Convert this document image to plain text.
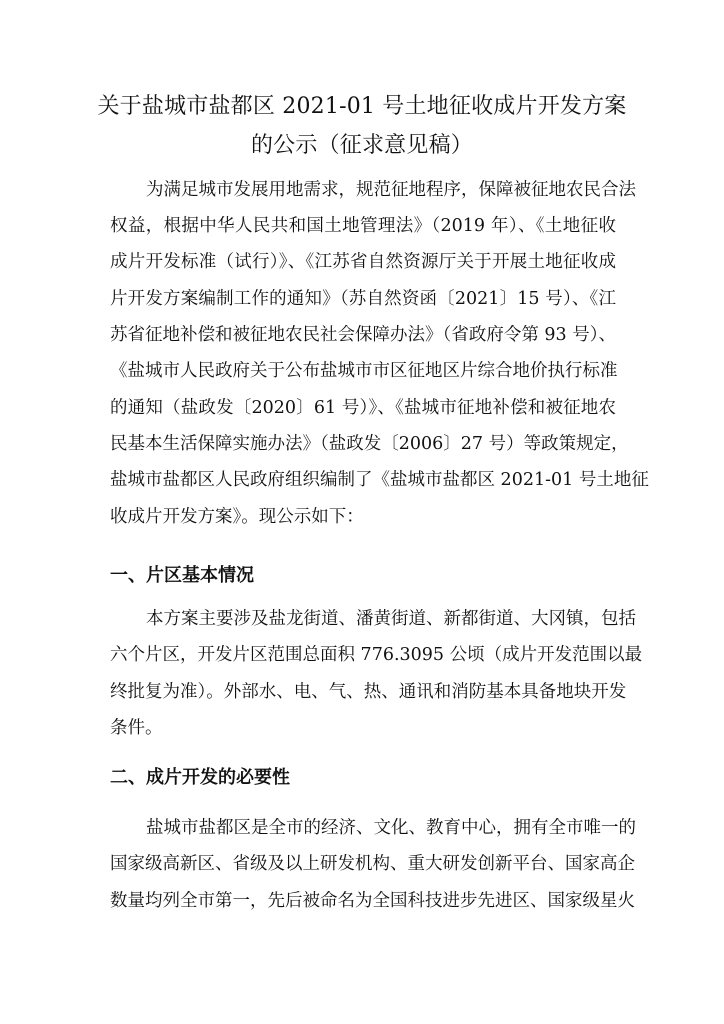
关于盐城市盐都区 2021-01 号土地征收成片开发方案
的公示（征求意见稿）
为满足城市发展用地需求，规范征地程序，保障被征地农民合法
权益，根据中华人民共和国土地管理法》（2019 年）、《土地征收
成片开发标准（试行）》、《江苏省自然资源厅关于开展土地征收成
片开发方案编制工作的通知》（苏自然资函〔2021〕15 号）、《江
苏省征地补偿和被征地农民社会保障办法》（省政府令第 93 号）、
《盐城市人民政府关于公布盐城市市区征地区片综合地价执行标准
的通知（盐政发〔2020〕61 号）》、《盐城市征地补偿和被征地农
民基本生活保障实施办法》（盐政发〔2006〕27 号）等政策规定，
盐城市盐都区人民政府组织编制了《盐城市盐都区 2021-01 号土地征
收成片开发方案》。现公示如下：
一、片区基本情况
本方案主要涉及盐龙街道、潘黄街道、新都街道、大冈镇，包括
六个片区，开发片区范围总面积 776.3095 公顷（成片开发范围以最
终批复为准）。外部水、电、气、热、通讯和消防基本具备地块开发
条件。
二、成片开发的必要性
盐城市盐都区是全市的经济、文化、教育中心，拥有全市唯一的
国家级高新区、省级及以上研发机构、重大研发创新平台、国家高企
数量均列全市第一，先后被命名为全国科技进步先进区、国家级星火
